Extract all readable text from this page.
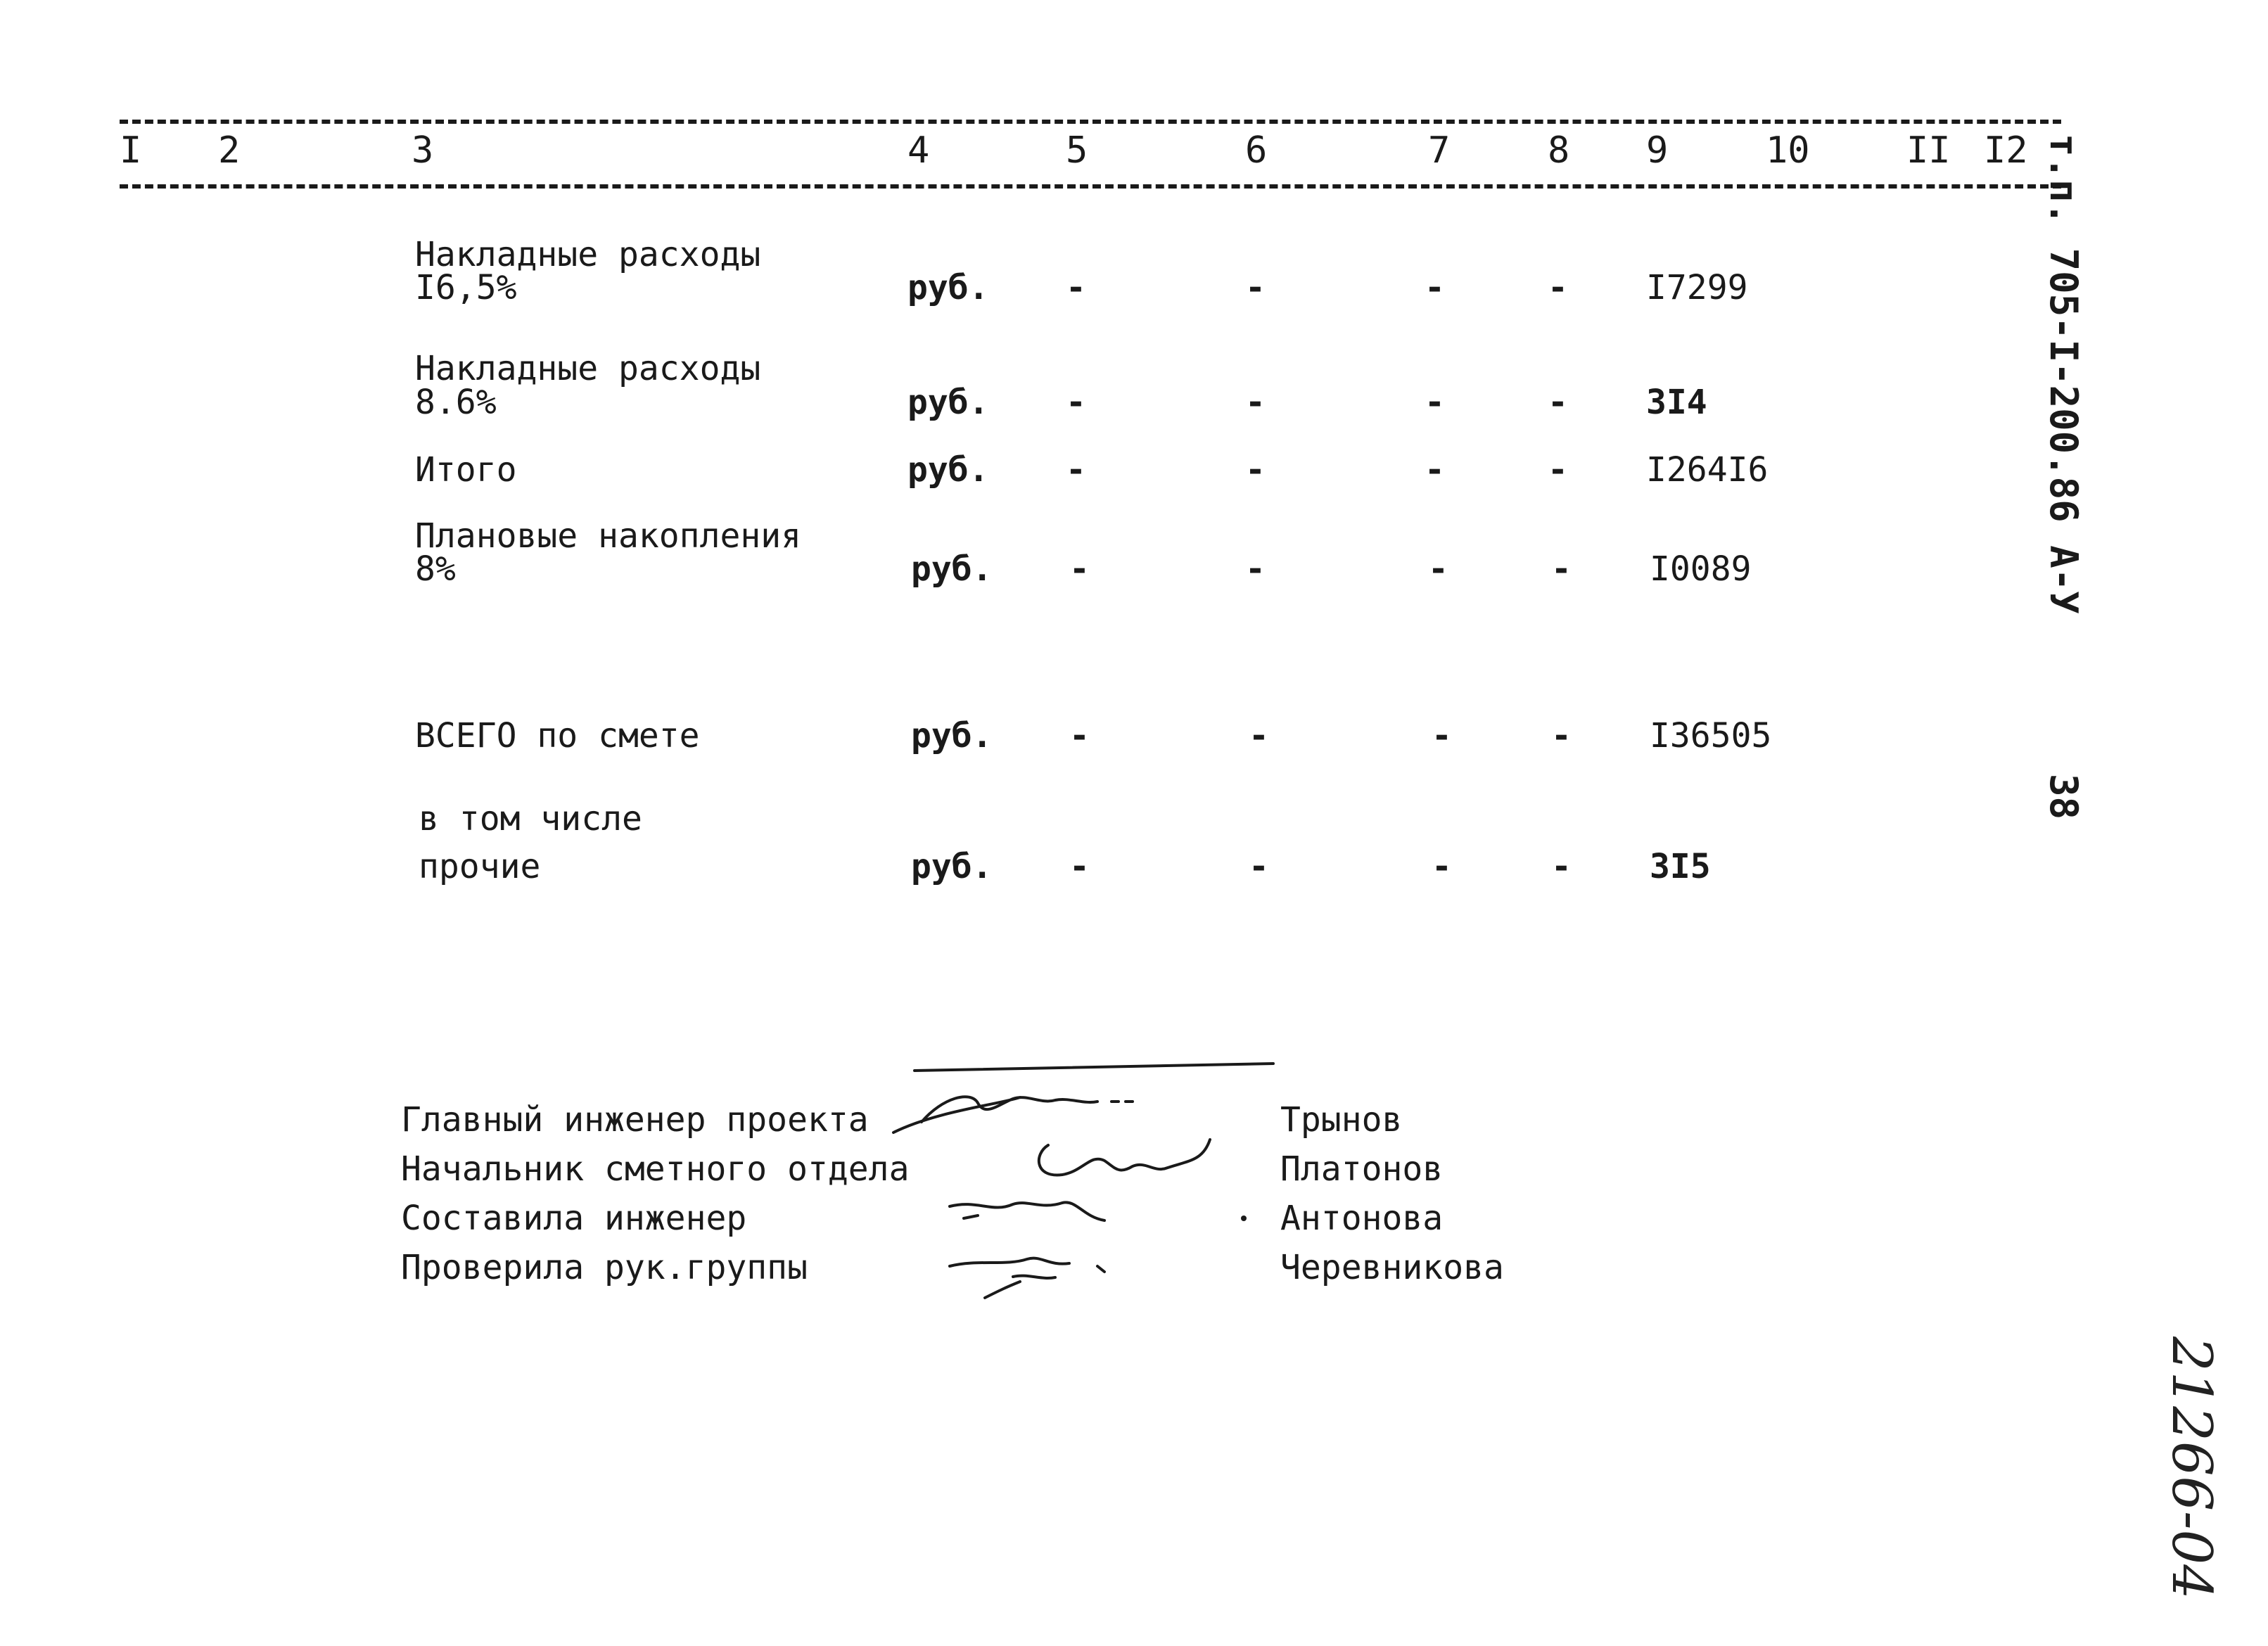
I 2	3	4	5	6	7	8 9	10	II I2
Накладные расходы
I6,5%	руб. -	-	-	- I7299
Накладные расходы
8.6%	руб. -	-	-	- 3I4
Итого	руб. -	-	-	- I264I6
Плановые накопления
8%	руб. -	-	-	- I0089
ВСЕГО по смете	руб. -	-	-	- I36505
в том числе
прочие	руб. -	-	-	- 3I5
Главный инженер проекта
Начальник сметного отдела
Составила инженер
Проверила рук.группы
Трынов
Платонов
Антонова
Черевникова
т.п. 705-I-200.86 А-У
38
21266-04
